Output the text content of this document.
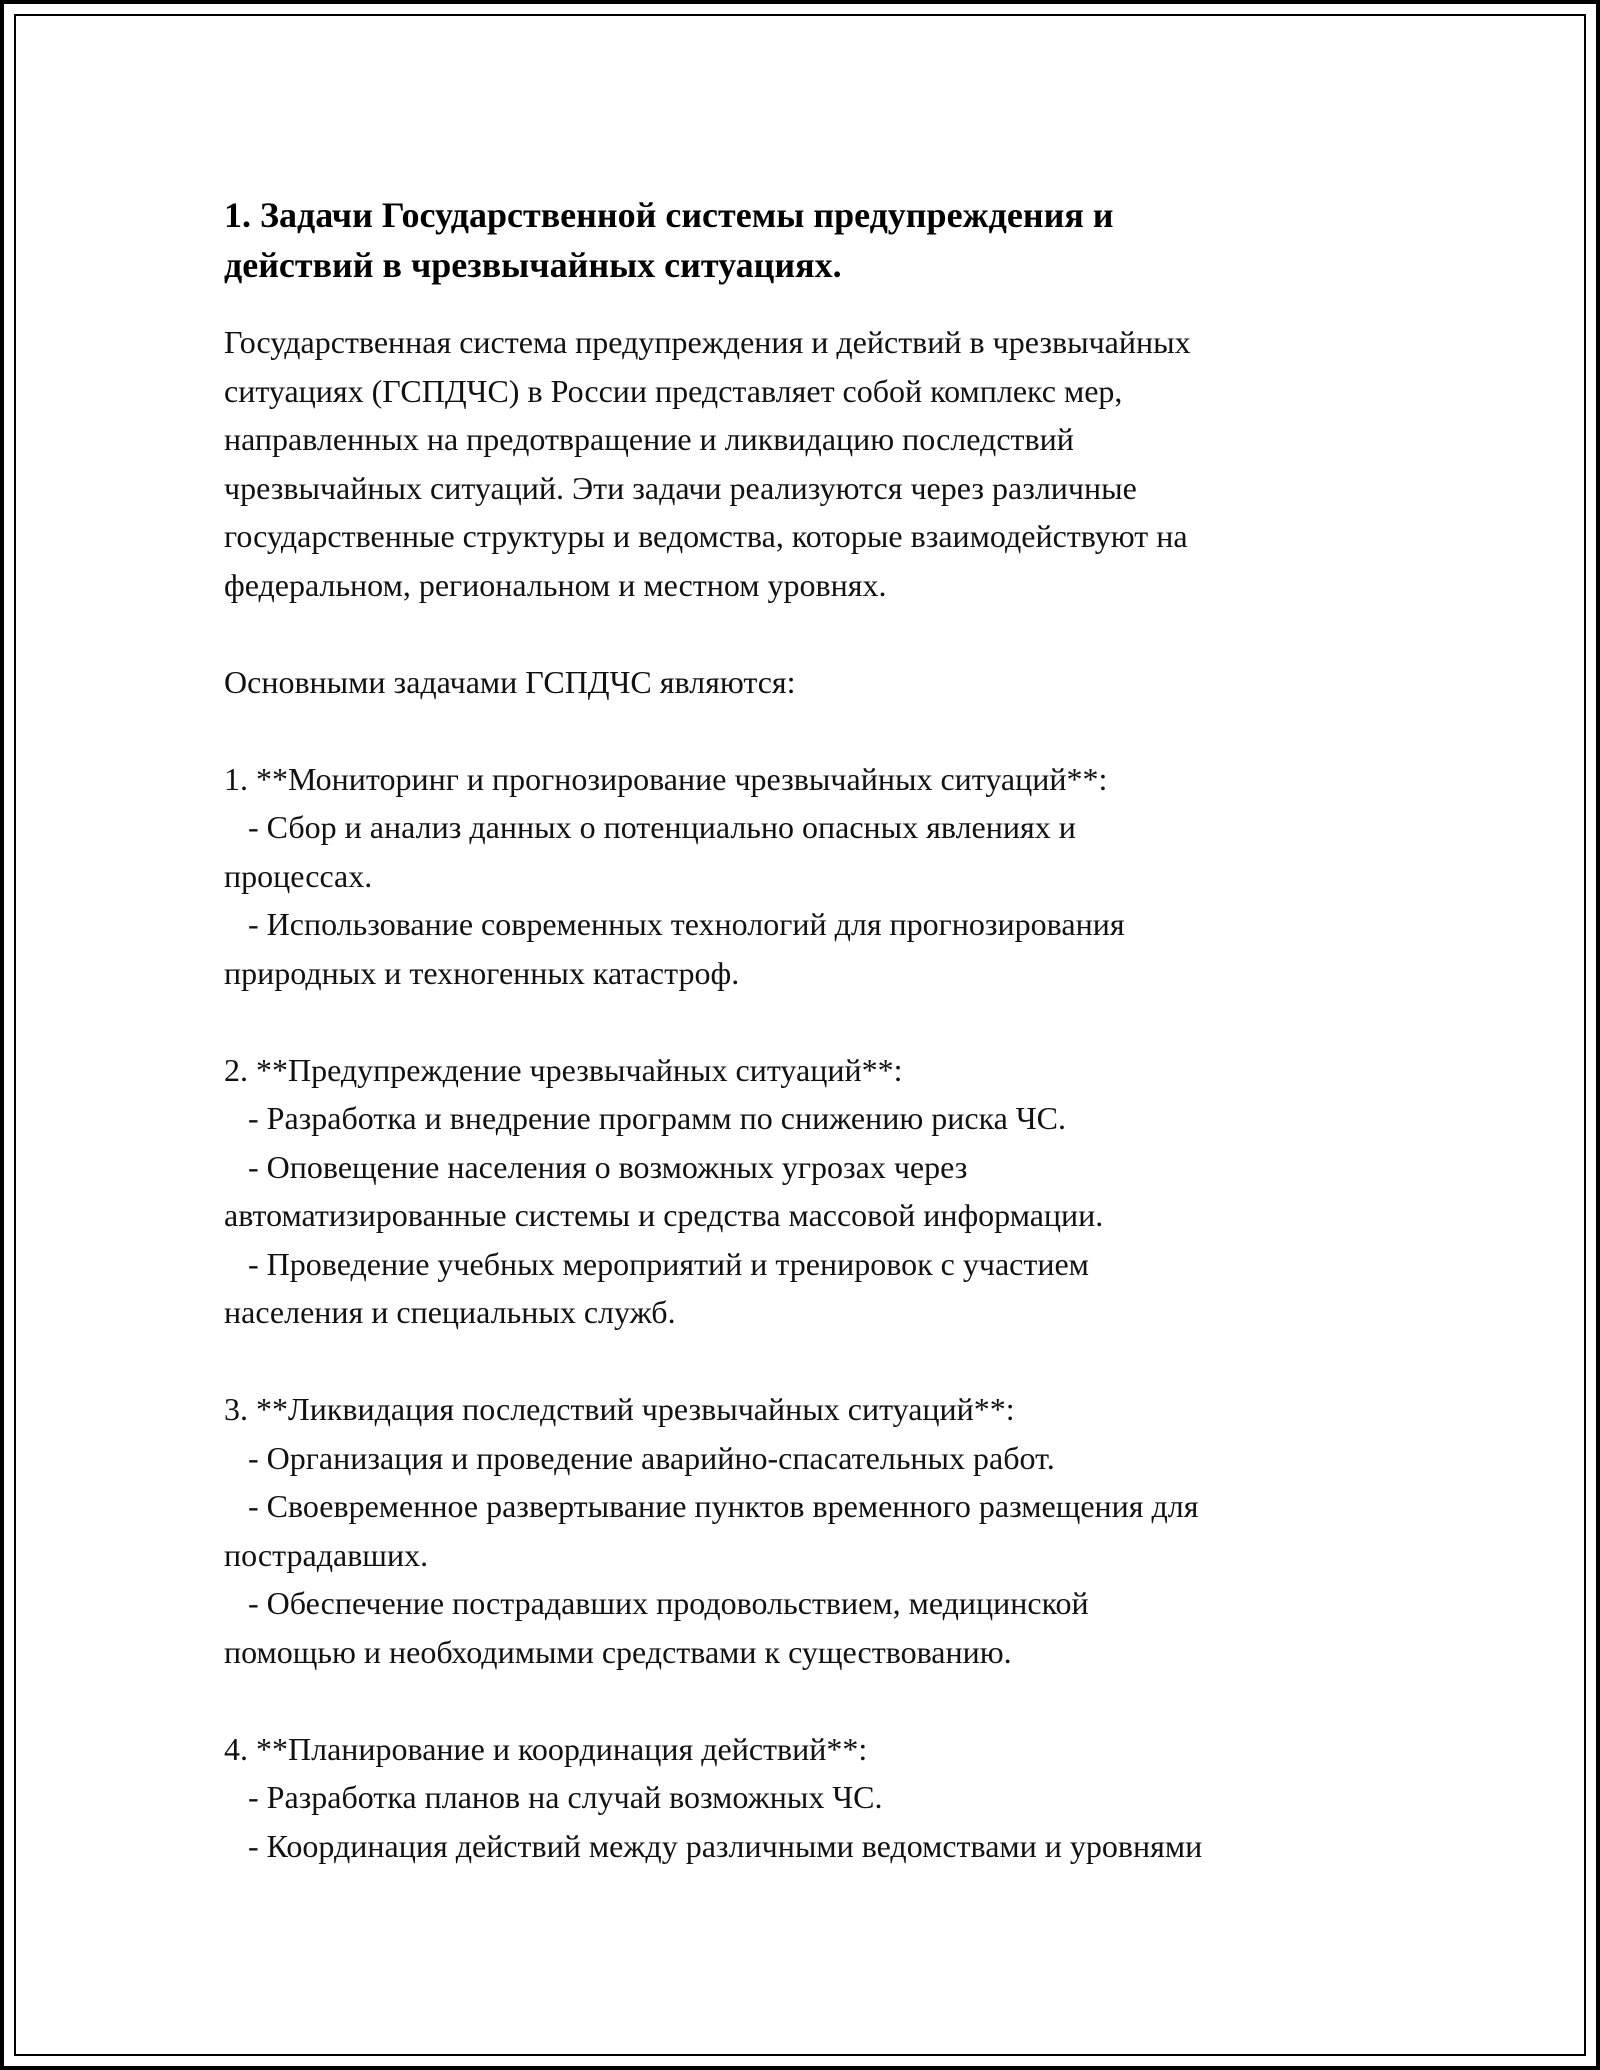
1. Задачи Государственной системы предупреждения и
действий в чрезвычайных ситуациях.
Государственная система предупреждения и действий в чрезвычайных
ситуациях (ГСПДЧС) в России представляет собой комплекс мер,
направленных на предотвращение и ликвидацию последствий
чрезвычайных ситуаций. Эти задачи реализуются через различные
государственные структуры и ведомства, которые взаимодействуют на
федеральном, региональном и местном уровнях.
Основными задачами ГСПДЧС являются:
1. **Мониторинг и прогнозирование чрезвычайных ситуаций**:
- Сбор и анализ данных о потенциально опасных явлениях и
процессах.
- Использование современных технологий для прогнозирования
природных и техногенных катастроф.
2. **Предупреждение чрезвычайных ситуаций**:
- Разработка и внедрение программ по снижению риска ЧС.
- Оповещение населения о возможных угрозах через
автоматизированные системы и средства массовой информации.
- Проведение учебных мероприятий и тренировок с участием
населения и специальных служб.
3. **Ликвидация последствий чрезвычайных ситуаций**:
- Организация и проведение аварийно-спасательных работ.
- Своевременное развертывание пунктов временного размещения для
пострадавших.
- Обеспечение пострадавших продовольствием, медицинской
помощью и необходимыми средствами к существованию.
4. **Планирование и координация действий**:
- Разработка планов на случай возможных ЧС.
- Координация действий между различными ведомствами и уровнями
